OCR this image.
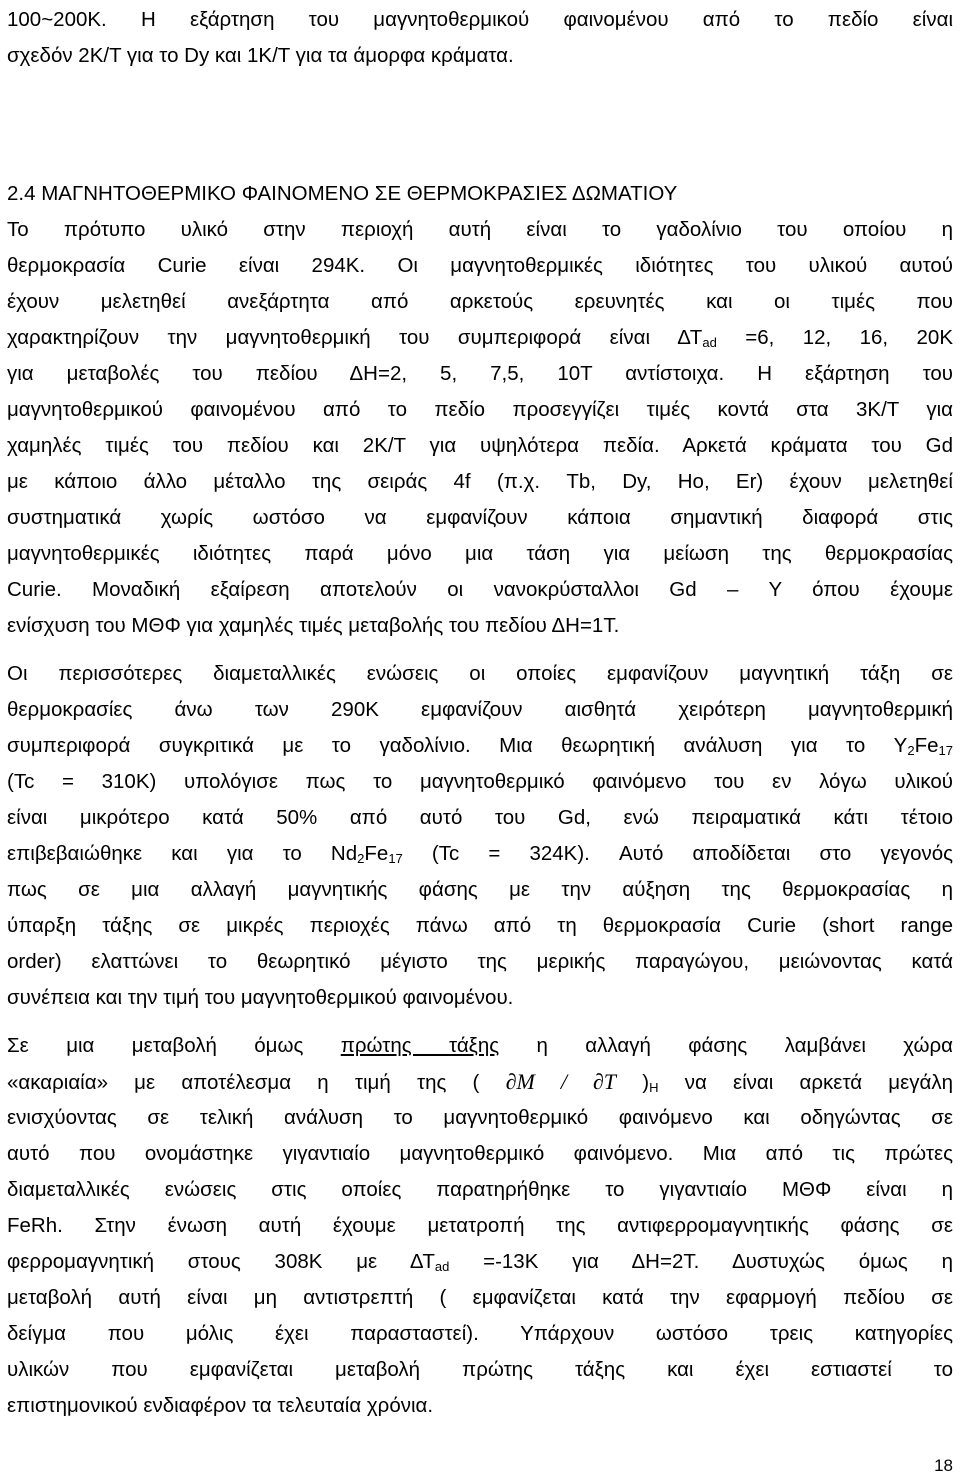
100~200K. Η εξάρτηση του μαγνητοθερμικού φαινομένου από το πεδίο είναι
σχεδόν 2K/T για το Dy και 1K/T για τα άμορφα κράματα.
2.4 ΜΑΓΝΗΤΟΘΕΡΜΙΚΟ ΦΑΙΝΟΜΕΝΟ ΣΕ ΘΕΡΜΟΚΡΑΣΙΕΣ ΔΩΜΑΤΙΟΥ
Το πρότυπο υλικό στην περιοχή αυτή είναι το γαδολίνιο του οποίου η
θερμοκρασία Curie είναι 294K. Οι μαγνητοθερμικές ιδιότητες του υλικού αυτού
έχουν μελετηθεί ανεξάρτητα από αρκετούς ερευνητές και οι τιμές που
χαρακτηρίζουν την μαγνητοθερμική του συμπεριφορά είναι $\Delta T_{ad} =6$, 12, 16, 20K
για μεταβολές του πεδίου ΔΗ=2, 5, 7,5, 10Τ αντίστοιχα. Η εξάρτηση του
μαγνητοθερμικού φαινομένου από το πεδίο προσεγγίζει τιμές κοντά στα 3K/T για
χαμηλές τιμές του πεδίου και 2Κ/Τ για υψηλότερα πεδία. Αρκετά κράματα του Gd
με κάποιο άλλο μέταλλο της σειράς 4f (π.χ. Tb, Dy, Ho, Er) έχουν μελετηθεί
συστηματικά χωρίς ωστόσο να εμφανίζουν κάποια σημαντική διαφορά στις
μαγνητοθερμικές ιδιότητες παρά μόνο μια τάση για μείωση της θερμοκρασίας
Curie. Μοναδική εξαίρεση αποτελούν οι νανοκρύσταλλοι Gd – Y όπου έχουμε
ενίσχυση του ΜΘΦ για χαμηλές τιμές μεταβολής του πεδίου ΔΗ=1Τ.
Οι περισσότερες διαμεταλλικές ενώσεις οι οποίες εμφανίζουν μαγνητική τάξη σε
θερμοκρασίες άνω των 290K εμφανίζουν αισθητά χειρότερη μαγνητοθερμική
συμπεριφορά συγκριτικά με το γαδολίνιο. Μια θεωρητική ανάλυση για το $Y_2Fe_{17}$
(Tc = 310K) υπολόγισε πως το μαγνητοθερμικό φαινόμενο του εν λόγω υλικού
είναι μικρότερο κατά 50% από αυτό του Gd, ενώ πειραματικά κάτι τέτοιο
επιβεβαιώθηκε και για το $Nd_2Fe_{17}$ (Tc = 324K). Αυτό αποδίδεται στο γεγονός
πως σε μια αλλαγή μαγνητικής φάσης με την αύξηση της θερμοκρασίας η
ύπαρξη τάξης σε μικρές περιοχές πάνω από τη θερμοκρασία Curie (short range
order) ελαττώνει το θεωρητικό μέγιστο της μερικής παραγώγου, μειώνοντας κατά
συνέπεια και την τιμή του μαγνητοθερμικού φαινομένου.
Σε μια μεταβολή όμως πρώτης τάξης η αλλαγή φάσης λαμβάνει χώρα
«ακαριαία» με αποτέλεσμα η τιμή της ( ∂M / ∂T )$_H$ να είναι αρκετά μεγάλη
ενισχύοντας σε τελική ανάλυση το μαγνητοθερμικό φαινόμενο και οδηγώντας σε
αυτό που ονομάστηκε γιγαντιαίο μαγνητοθερμικό φαινόμενο. Μια από τις πρώτες
διαμεταλλικές ενώσεις στις οποίες παρατηρήθηκε το γιγαντιαίο ΜΘΦ είναι η
FeRh. Στην ένωση αυτή έχουμε μετατροπή της αντιφερρομαγνητικής φάσης σε
φερρομαγνητική στους 308K με $\Delta T_{ad} =-13K$ για ΔΗ=2Τ. Δυστυχώς όμως η
μεταβολή αυτή είναι μη αντιστρεπτή ( εμφανίζεται κατά την εφαρμογή πεδίου σε
δείγμα που μόλις έχει παρασταστεί). Υπάρχουν ωστόσο τρεις κατηγορίες
υλικών που εμφανίζεται μεταβολή πρώτης τάξης και έχει εστιαστεί το
επιστημονικού ενδιαφέρον τα τελευταία χρόνια.
18
